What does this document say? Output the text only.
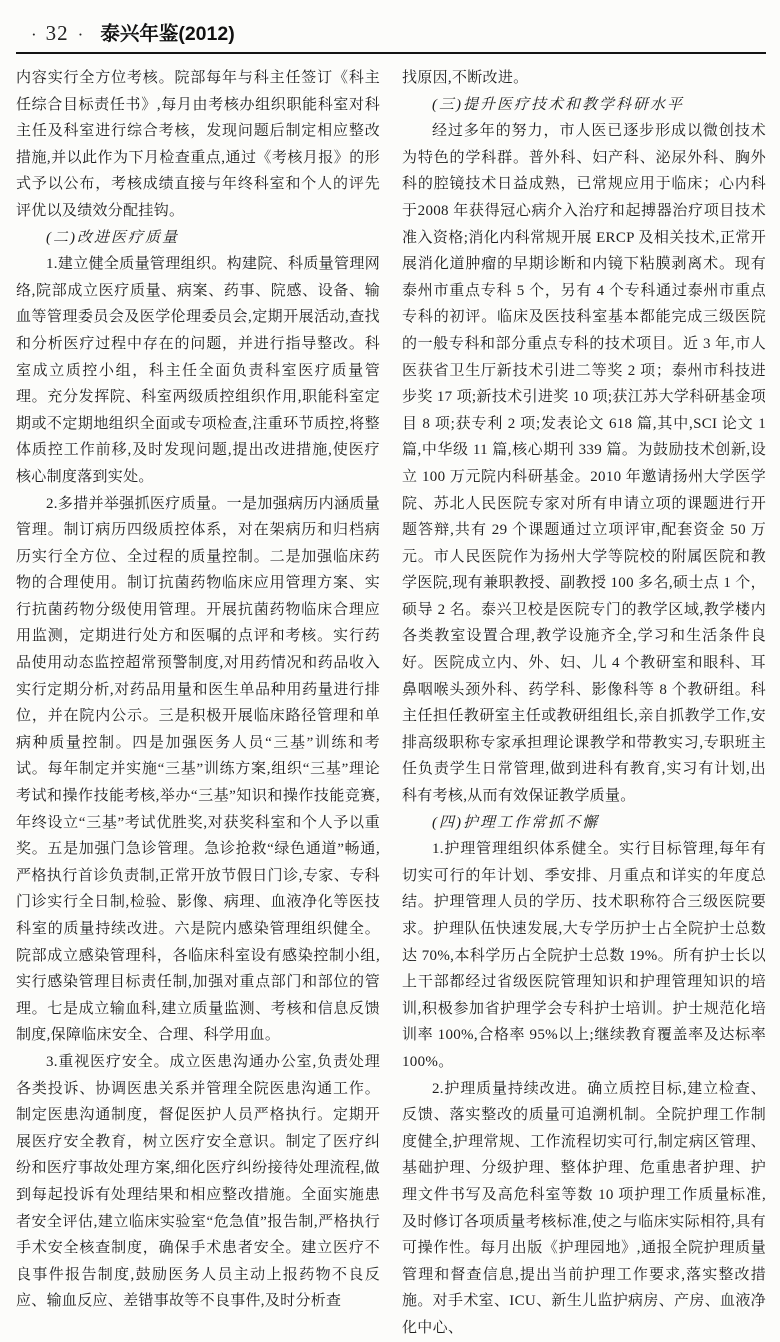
· 32 · 泰兴年鉴(2012)

内容实行全方位考核。院部每年与科主任签订《科主任综合目标责任书》,每月由考核办组织职能科室对科主任及科室进行综合考核，发现问题后制定相应整改措施,并以此作为下月检查重点,通过《考核月报》的形式予以公布，考核成绩直接与年终科室和个人的评先评优以及绩效分配挂钩。

(二)改进医疗质量

1.建立健全质量管理组织。构建院、科质量管理网络,院部成立医疗质量、病案、药事、院感、设备、输血等管理委员会及医学伦理委员会,定期开展活动,查找和分析医疗过程中存在的问题，并进行指导整改。科室成立质控小组，科主任全面负责科室医疗质量管理。充分发挥院、科室两级质控组织作用,职能科室定期或不定期地组织全面或专项检查,注重环节质控,将整体质控工作前移,及时发现问题,提出改进措施,使医疗核心制度落到实处。

2.多措并举强抓医疗质量。一是加强病历内涵质量管理。制订病历四级质控体系，对在架病历和归档病历实行全方位、全过程的质量控制。二是加强临床药物的合理使用。制订抗菌药物临床应用管理方案、实行抗菌药物分级使用管理。开展抗菌药物临床合理应用监测，定期进行处方和医嘱的点评和考核。实行药品使用动态监控超常预警制度,对用药情况和药品收入实行定期分析,对药品用量和医生单品种用药量进行排位，并在院内公示。三是积极开展临床路径管理和单病种质量控制。四是加强医务人员“三基”训练和考试。每年制定并实施“三基”训练方案,组织“三基”理论考试和操作技能考核,举办“三基”知识和操作技能竞赛,年终设立“三基”考试优胜奖,对获奖科室和个人予以重奖。五是加强门急诊管理。急诊抢救“绿色通道”畅通,严格执行首诊负责制,正常开放节假日门诊,专家、专科门诊实行全日制,检验、影像、病理、血液净化等医技科室的质量持续改进。六是院内感染管理组织健全。院部成立感染管理科，各临床科室设有感染控制小组,实行感染管理目标责任制,加强对重点部门和部位的管理。七是成立输血科,建立质量监测、考核和信息反馈制度,保障临床安全、合理、科学用血。

3.重视医疗安全。成立医患沟通办公室,负责处理各类投诉、协调医患关系并管理全院医患沟通工作。制定医患沟通制度，督促医护人员严格执行。定期开展医疗安全教育，树立医疗安全意识。制定了医疗纠纷和医疗事故处理方案,细化医疗纠纷接待处理流程,做到每起投诉有处理结果和相应整改措施。全面实施患者安全评估,建立临床实验室“危急值”报告制,严格执行手术安全核查制度，确保手术患者安全。建立医疗不良事件报告制度,鼓励医务人员主动上报药物不良反应、输血反应、差错事故等不良事件,及时分析查

找原因,不断改进。

(三)提升医疗技术和教学科研水平

经过多年的努力，市人医已逐步形成以微创技术为特色的学科群。普外科、妇产科、泌尿外科、胸外科的腔镜技术日益成熟，已常规应用于临床；心内科于2008 年获得冠心病介入治疗和起搏器治疗项目技术准入资格;消化内科常规开展 ERCP 及相关技术,正常开展消化道肿瘤的早期诊断和内镜下粘膜剥离术。现有泰州市重点专科 5 个，另有 4 个专科通过泰州市重点专科的初评。临床及医技科室基本都能完成三级医院的一般专科和部分重点专科的技术项目。近 3 年,市人医获省卫生厅新技术引进二等奖 2 项；泰州市科技进步奖 17 项;新技术引进奖 10 项;获江苏大学科研基金项目 8 项;获专利 2 项;发表论文 618 篇,其中,SCI 论文 1 篇,中华级 11 篇,核心期刊 339 篇。为鼓励技术创新,设立 100 万元院内科研基金。2010 年邀请扬州大学医学院、苏北人民医院专家对所有申请立项的课题进行开题答辩,共有 29 个课题通过立项评审,配套资金 50 万元。市人民医院作为扬州大学等院校的附属医院和教学医院,现有兼职教授、副教授 100 多名,硕士点 1 个，硕导 2 名。泰兴卫校是医院专门的教学区域,教学楼内各类教室设置合理,教学设施齐全,学习和生活条件良好。医院成立内、外、妇、儿 4 个教研室和眼科、耳鼻咽喉头颈外科、药学科、影像科等 8 个教研组。科主任担任教研室主任或教研组组长,亲自抓教学工作,安排高级职称专家承担理论课教学和带教实习,专职班主任负责学生日常管理,做到进科有教育,实习有计划,出科有考核,从而有效保证教学质量。

(四)护理工作常抓不懈

1.护理管理组织体系健全。实行目标管理,每年有切实可行的年计划、季安排、月重点和详实的年度总结。护理管理人员的学历、技术职称符合三级医院要求。护理队伍快速发展,大专学历护士占全院护士总数达 70%,本科学历占全院护士总数 19%。所有护士长以上干部都经过省级医院管理知识和护理管理知识的培训,积极参加省护理学会专科护士培训。护士规范化培训率 100%,合格率 95%以上;继续教育覆盖率及达标率 100%。

2.护理质量持续改进。确立质控目标,建立检查、反馈、落实整改的质量可追溯机制。全院护理工作制度健全,护理常规、工作流程切实可行,制定病区管理、基础护理、分级护理、整体护理、危重患者护理、护理文件书写及高危科室等数 10 项护理工作质量标准,及时修订各项质量考核标准,使之与临床实际相符,具有可操作性。每月出版《护理园地》,通报全院护理质量管理和督查信息,提出当前护理工作要求,落实整改措施。对手术室、ICU、新生儿监护病房、产房、血液净化中心、
